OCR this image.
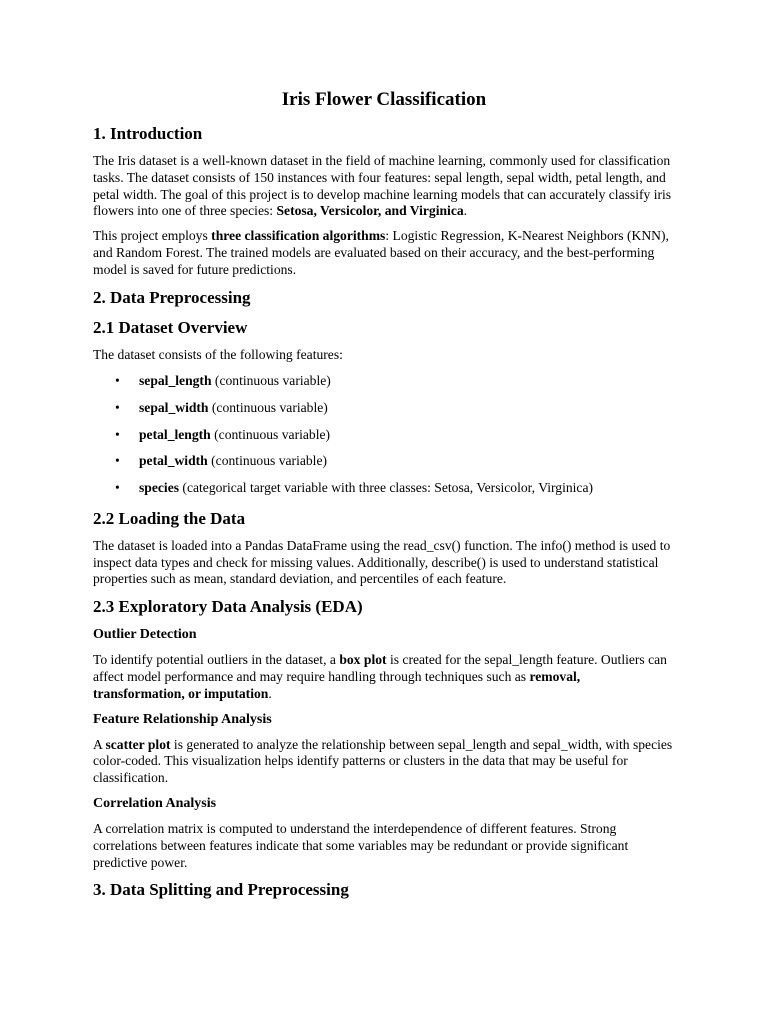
Iris Flower Classification
1. Introduction

The Iris dataset is a well-known dataset in the field of machine learning, commonly used for classification tasks. The dataset consists of 150 instances with four features: sepal length, sepal width, petal length, and petal width. The goal of this project is to develop machine learning models that can accurately classify iris flowers into one of three species: Setosa, Versicolor, and Virginica.

This project employs three classification algorithms: Logistic Regression, K-Nearest Neighbors (KNN), and Random Forest. The trained models are evaluated based on their accuracy, and the best-performing model is saved for future predictions.

2. Data Preprocessing
2.1 Dataset Overview

The dataset consists of the following features:

• sepal_length (continuous variable)
• sepal_width (continuous variable)
• petal_length (continuous variable)
• petal_width (continuous variable)
• species (categorical target variable with three classes: Setosa, Versicolor, Virginica)
2.2 Loading the Data

The dataset is loaded into a Pandas DataFrame using the read_csv() function. The info() method is used to inspect data types and check for missing values. Additionally, describe() is used to understand statistical properties such as mean, standard deviation, and percentiles of each feature.

2.3 Exploratory Data Analysis (EDA)
Outlier Detection

To identify potential outliers in the dataset, a box plot is created for the sepal_length feature. Outliers can affect model performance and may require handling through techniques such as removal, transformation, or imputation.

Feature Relationship Analysis

A scatter plot is generated to analyze the relationship between sepal_length and sepal_width, with species color-coded. This visualization helps identify patterns or clusters in the data that may be useful for classification.

Correlation Analysis

A correlation matrix is computed to understand the interdependence of different features. Strong correlations between features indicate that some variables may be redundant or provide significant predictive power.

3. Data Splitting and Preprocessing
